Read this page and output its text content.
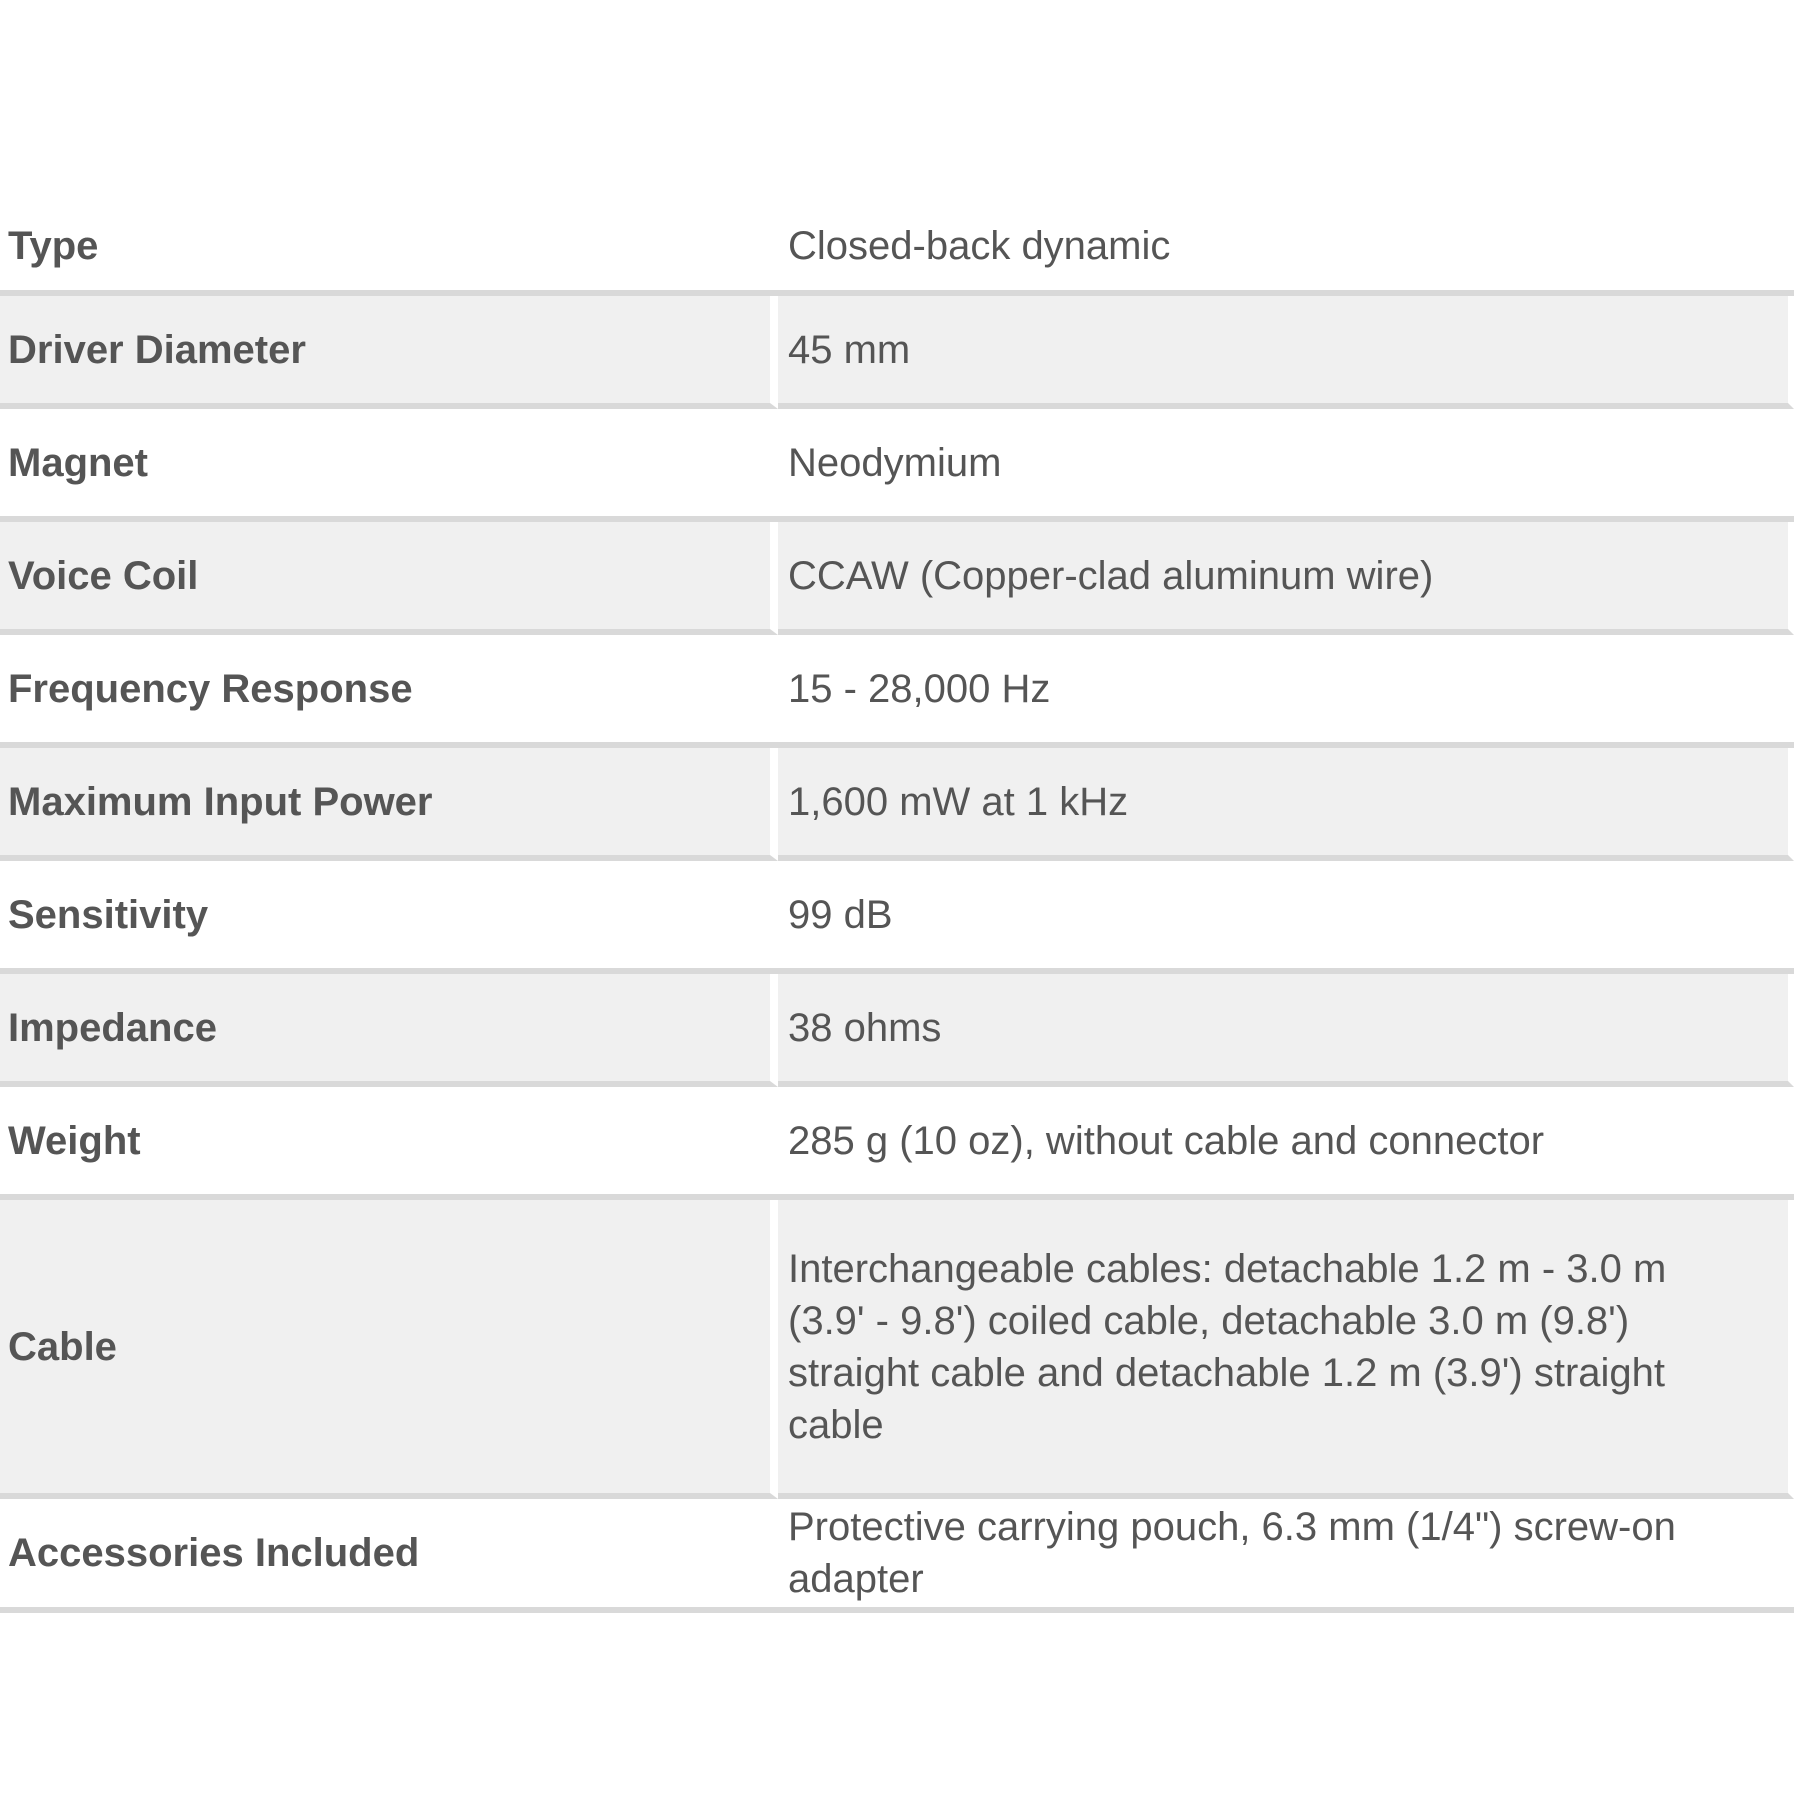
Type	Closed-back dynamic
Driver Diameter	45 mm
Magnet	Neodymium
Voice Coil	CCAW (Copper-clad aluminum wire)
Frequency Response	15 - 28,000 Hz
Maximum Input Power	1,600 mW at 1 kHz
Sensitivity	99 dB
Impedance	38 ohms
Weight	285 g (10 oz), without cable and connector
Cable	Interchangeable cables: detachable 1.2 m - 3.0 m (3.9' - 9.8') coiled cable, detachable 3.0 m (9.8') straight cable and detachable 1.2 m (3.9') straight cable
Accessories Included	Protective carrying pouch, 6.3 mm (1/4") screw-on adapter
